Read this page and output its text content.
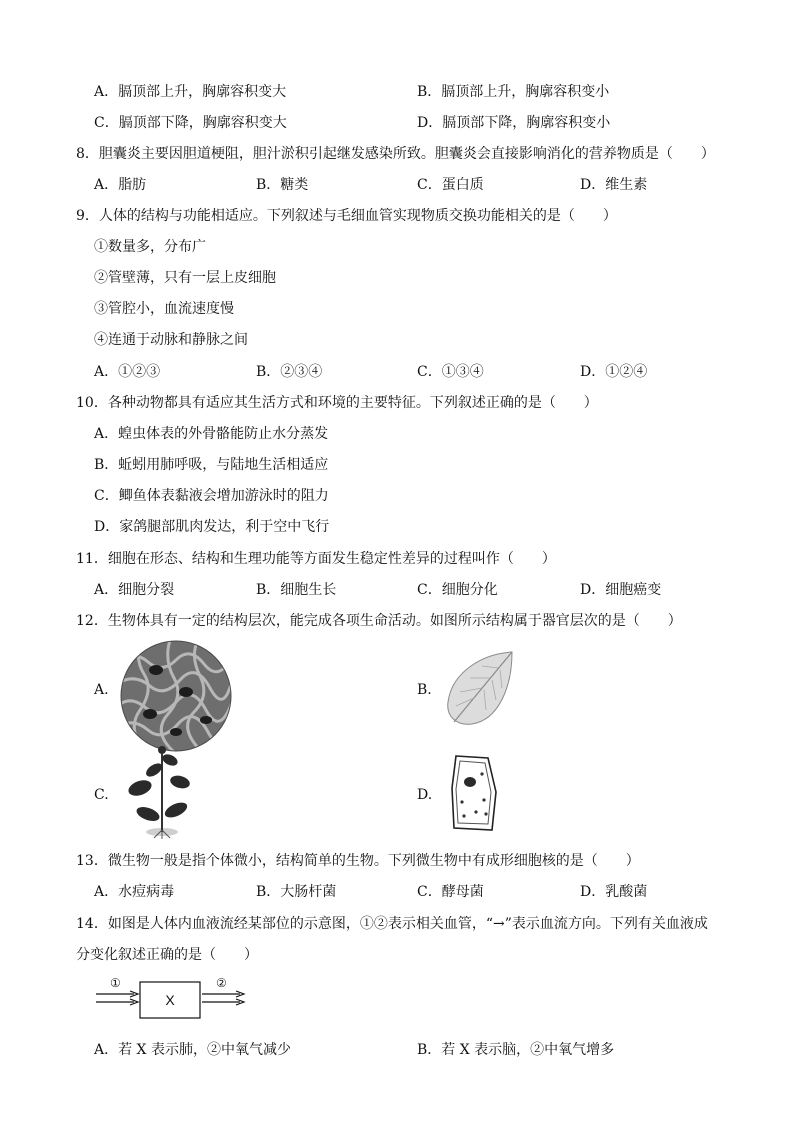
A．膈顶部上升，胸廓容积变大	B．膈顶部上升，胸廓容积变小
C．膈顶部下降，胸廓容积变大	D．膈顶部下降，胸廓容积变小
8．胆囊炎主要因胆道梗阻，胆汁淤积引起继发感染所致。胆囊炎会直接影响消化的营养物质是（　　）
A．脂肪	B．糖类	C．蛋白质	D．维生素
9．人体的结构与功能相适应。下列叙述与毛细血管实现物质交换功能相关的是（　　）
①数量多，分布广
②管壁薄，只有一层上皮细胞
③管腔小，血流速度慢
④连通于动脉和静脉之间
A．①②③	B．②③④	C．①③④	D．①②④
10．各种动物都具有适应其生活方式和环境的主要特征。下列叙述正确的是（　　）
A．蝗虫体表的外骨骼能防止水分蒸发
B．蚯蚓用肺呼吸，与陆地生活相适应
C．鲫鱼体表黏液会增加游泳时的阻力
D．家鸽腿部肌肉发达，利于空中飞行
11．细胞在形态、结构和生理功能等方面发生稳定性差异的过程叫作（　　）
A．细胞分裂	B．细胞生长	C．细胞分化	D．细胞癌变
12．生物体具有一定的结构层次，能完成各项生命活动。如图所示结构属于器官层次的是（　　）
A.	B.
C.	D.
13．微生物一般是指个体微小，结构简单的生物。下列微生物中有成形细胞核的是（　　）
A．水痘病毒	B．大肠杆菌	C．酵母菌	D．乳酸菌
14．如图是人体内血液流经某部位的示意图，①②表示相关血管，“→”表示血流方向。下列有关血液成
分变化叙述正确的是（　　）
①	②
X
A．若 X 表示肺，②中氧气减少	B．若 X 表示脑，②中氧气增多
